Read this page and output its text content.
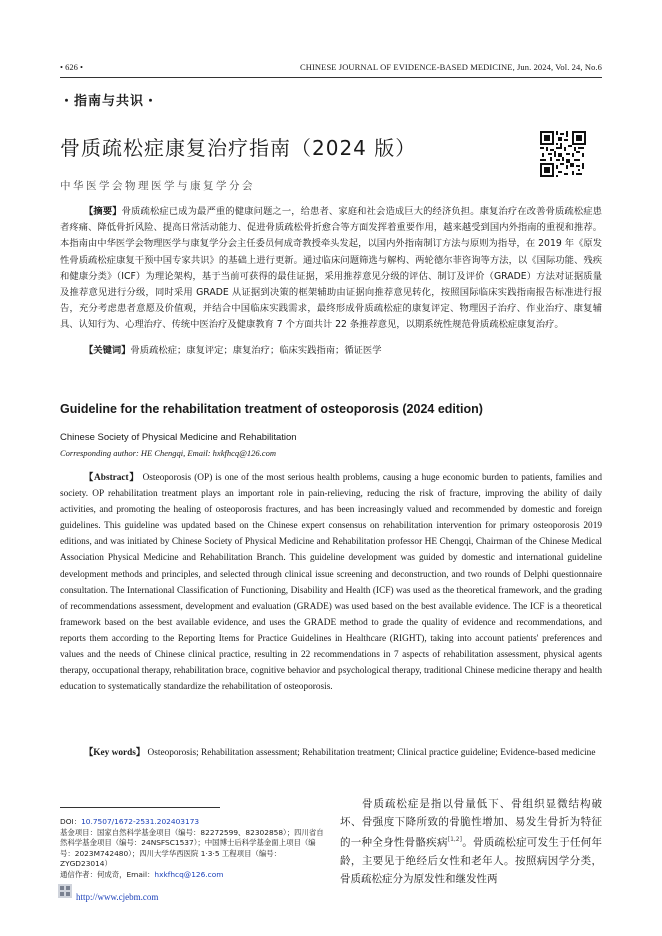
• 626 •	CHINESE JOURNAL OF EVIDENCE-BASED MEDICINE, Jun. 2024, Vol. 24, No.6
・指南与共识・
骨质疏松症康复治疗指南（2024 版）
中华医学会物理医学与康复学分会
【摘要】骨质疏松症已成为最严重的健康问题之一，给患者、家庭和社会造成巨大的经济负担。康复治疗在改善骨质疏松症患者疼痛、降低骨折风险、提高日常活动能力、促进骨质疏松骨折愈合等方面发挥着重要作用，越来越受到国内外指南的重视和推荐。本指南由中华医学会物理医学与康复学分会主任委员何成奇教授牵头发起，以国内外指南制订方法与原则为指导，在 2019 年《原发性骨质疏松症康复干预中国专家共识》的基础上进行更新。通过临床问题筛选与解构、两轮德尔菲咨询等方法，以《国际功能、残疾和健康分类》（ICF）为理论架构，基于当前可获得的最佳证据，采用推荐意见分级的评估、制订及评价（GRADE）方法对证据质量及推荐意见进行分级，同时采用 GRADE 从证据到决策的框架辅助由证据向推荐意见转化，按照国际临床实践指南报告标准进行报告，充分考虑患者意愿及价值观，并结合中国临床实践需求，最终形成骨质疏松症的康复评定、物理因子治疗、作业治疗、康复辅具、认知行为、心理治疗、传统中医治疗及健康教育 7 个方面共计 22 条推荐意见，以期系统性规范骨质疏松症康复治疗。
【关键词】骨质疏松症；康复评定；康复治疗；临床实践指南；循证医学
Guideline for the rehabilitation treatment of osteoporosis (2024 edition)
Chinese Society of Physical Medicine and Rehabilitation
Corresponding author: HE Chengqi, Email: hxkfhcq@126.com
【Abstract】 Osteoporosis (OP) is one of the most serious health problems, causing a huge economic burden to patients, families and society. OP rehabilitation treatment plays an important role in pain-relieving, reducing the risk of fracture, improving the ability of daily activities, and promoting the healing of osteoporosis fractures, and has been increasingly valued and recommended by domestic and foreign guidelines. This guideline was updated based on the Chinese expert consensus on rehabilitation intervention for primary osteoporosis 2019 editions, and was initiated by Chinese Society of Physical Medicine and Rehabilitation professor HE Chengqi, Chairman of the Chinese Medical Association Physical Medicine and Rehabilitation Branch. This guideline development was guided by domestic and international guideline development methods and principles, and selected through clinical issue screening and deconstruction, and two rounds of Delphi questionnaire consultation. The International Classification of Functioning, Disability and Health (ICF) was used as the theoretical framework, and the grading of recommendations assessment, development and evaluation (GRADE) was used based on the best available evidence. The ICF is a theoretical framework based on the best available evidence, and uses the GRADE method to grade the quality of evidence and recommendations, and reports them according to the Reporting Items for Practice Guidelines in Healthcare (RIGHT), taking into account patients' preferences and values and the needs of Chinese clinical practice, resulting in 22 recommendations in 7 aspects of rehabilitation assessment, physical agents therapy, occupational therapy, rehabilitation brace, cognitive behavior and psychological therapy, traditional Chinese medicine therapy and health education to systematically standardize the rehabilitation of osteoporosis.
【Key words】 Osteoporosis; Rehabilitation assessment; Rehabilitation treatment; Clinical practice guideline; Evidence-based medicine
DOI：10.7507/1672-2531.202403173
基金项目：国家自然科学基金项目（编号：82272599、82302858）；四川省自然科学基金项目（编号：24NSFSC1537）；中国博士后科学基金面上项目（编号：2023M742480）；四川大学华西医院 1·3·5 工程项目（编号：ZYGD23014）
通信作者：何成奇，Email：hxkfhcq@126.com
骨质疏松症是指以骨量低下、骨组织显微结构破坏、骨强度下降所致的骨脆性增加、易发生骨折为特征的一种全身性骨骼疾病[1,2]。骨质疏松症可发生于任何年龄，主要见于绝经后女性和老年人。按照病因学分类，骨质疏松症分为原发性和继发性两
http://www.cjebm.com
